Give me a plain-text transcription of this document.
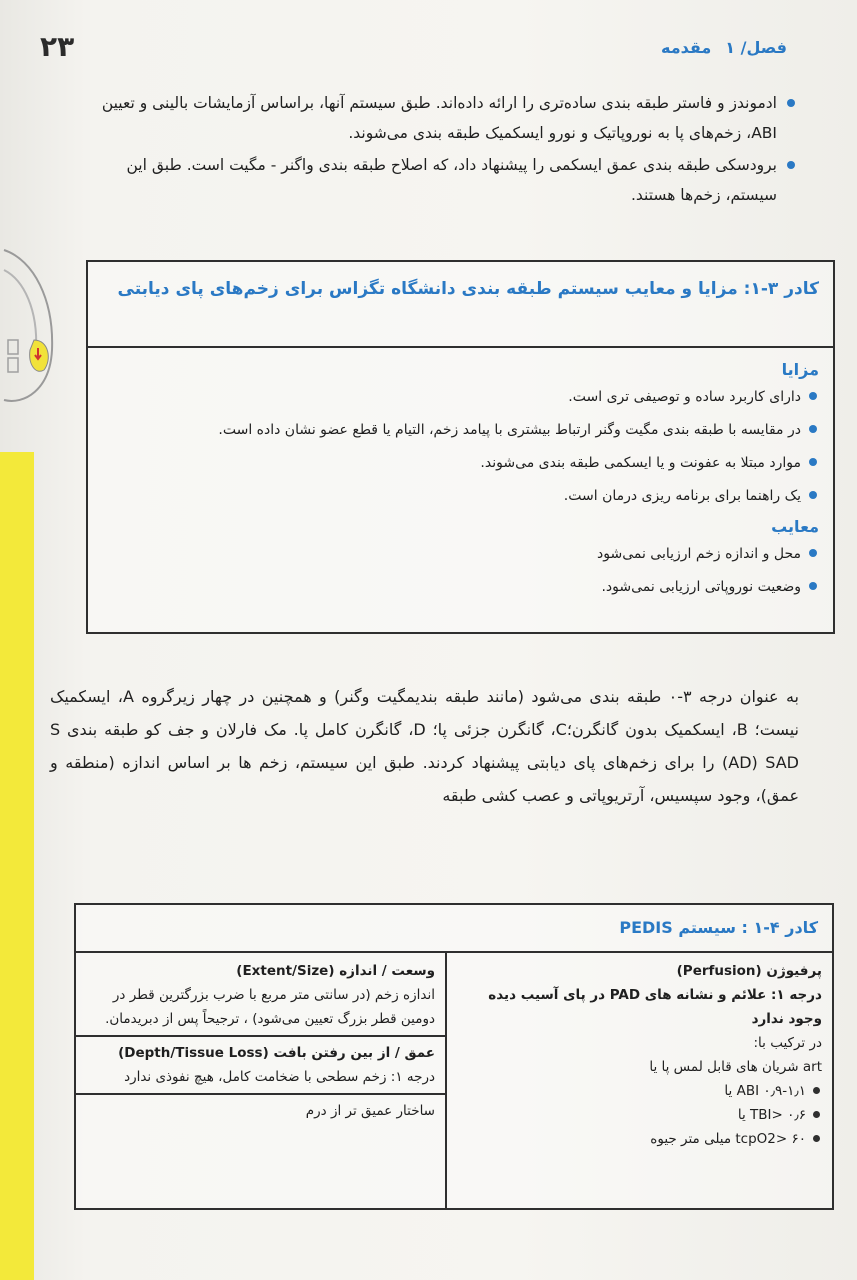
فصل/ ۱
مقدمه
۲۳
ادموندز و فاستر طبقه بندی ساده‌تری را ارائه داده‌اند. طبق سیستم آنها، براساس آزمایشات بالینی و تعیین ABI، زخم‌های پا به نوروپاتیک و نورو ایسکمیک طبقه بندی می‌شوند.
برودسکی طبقه بندی عمق ایسکمی را پیشنهاد داد، که اصلاح طبقه بندی واگنر - مگیت است. طبق این سیستم، زخم‌ها هستند.
کادر ۳-۱: مزایا و معایب سیستم طبقه بندی دانشگاه تگزاس برای زخم‌های پای دیابتی
مزایا
دارای کاربرد ساده و توصیفی تری است.
در مقایسه با طبقه بندی مگیت وگنر ارتباط بیشتری با پیامد زخم، التیام یا قطع عضو نشان داده است.
موارد مبتلا به عفونت و یا ایسکمی طبقه بندی می‌شوند.
یک راهنما برای برنامه ریزی درمان است.
معایب
محل و اندازه زخم ارزیابی نمی‌شود
وضعیت نوروپاتی ارزیابی نمی‌شود.
به عنوان درجه ۳-۰ طبقه بندی می‌شود (مانند طبقه بندیمگیت وگنر) و همچنین در چهار زیرگروه A، ایسکمیک نیست؛ B، ایسکمیک بدون گانگرن؛C، گانگرن جزئی پا؛ D، گانگرن کامل پا. مک فارلان و جف کو طبقه بندی S (AD) SAD را برای زخم‌های پای دیابتی پیشنهاد کردند. طبق این سیستم، زخم ها بر اساس اندازه (منطقه و عمق)، وجود سپسیس، آرتریوپاتی و عصب کشی طبقه
کادر ۴-۱ : سیستم PEDIS
پرفیوژن (Perfusion)
درجه ۱: علائم و نشانه های PAD در پای آسیب دیده وجود ندارد
در ترکیب با:
art شریان های قابل لمس پا یا
ABI ۰٫۹-۱٫۱ یا
TBI> ۰٫۶ یا
tcpO2> ۶۰ میلی متر جیوه
وسعت / اندازه (Extent/Size)
اندازه زخم (در سانتی متر مربع با ضرب بزرگترین قطر در دومین قطر بزرگ تعیین می‌شود) ، ترجیحاً پس از دبریدمان.
عمق / از بین رفتن بافت (Depth/Tissue Loss)
درجه ۱: زخم سطحی با ضخامت کامل، هیچ نفوذی ندارد
ساختار عمیق تر از درم
